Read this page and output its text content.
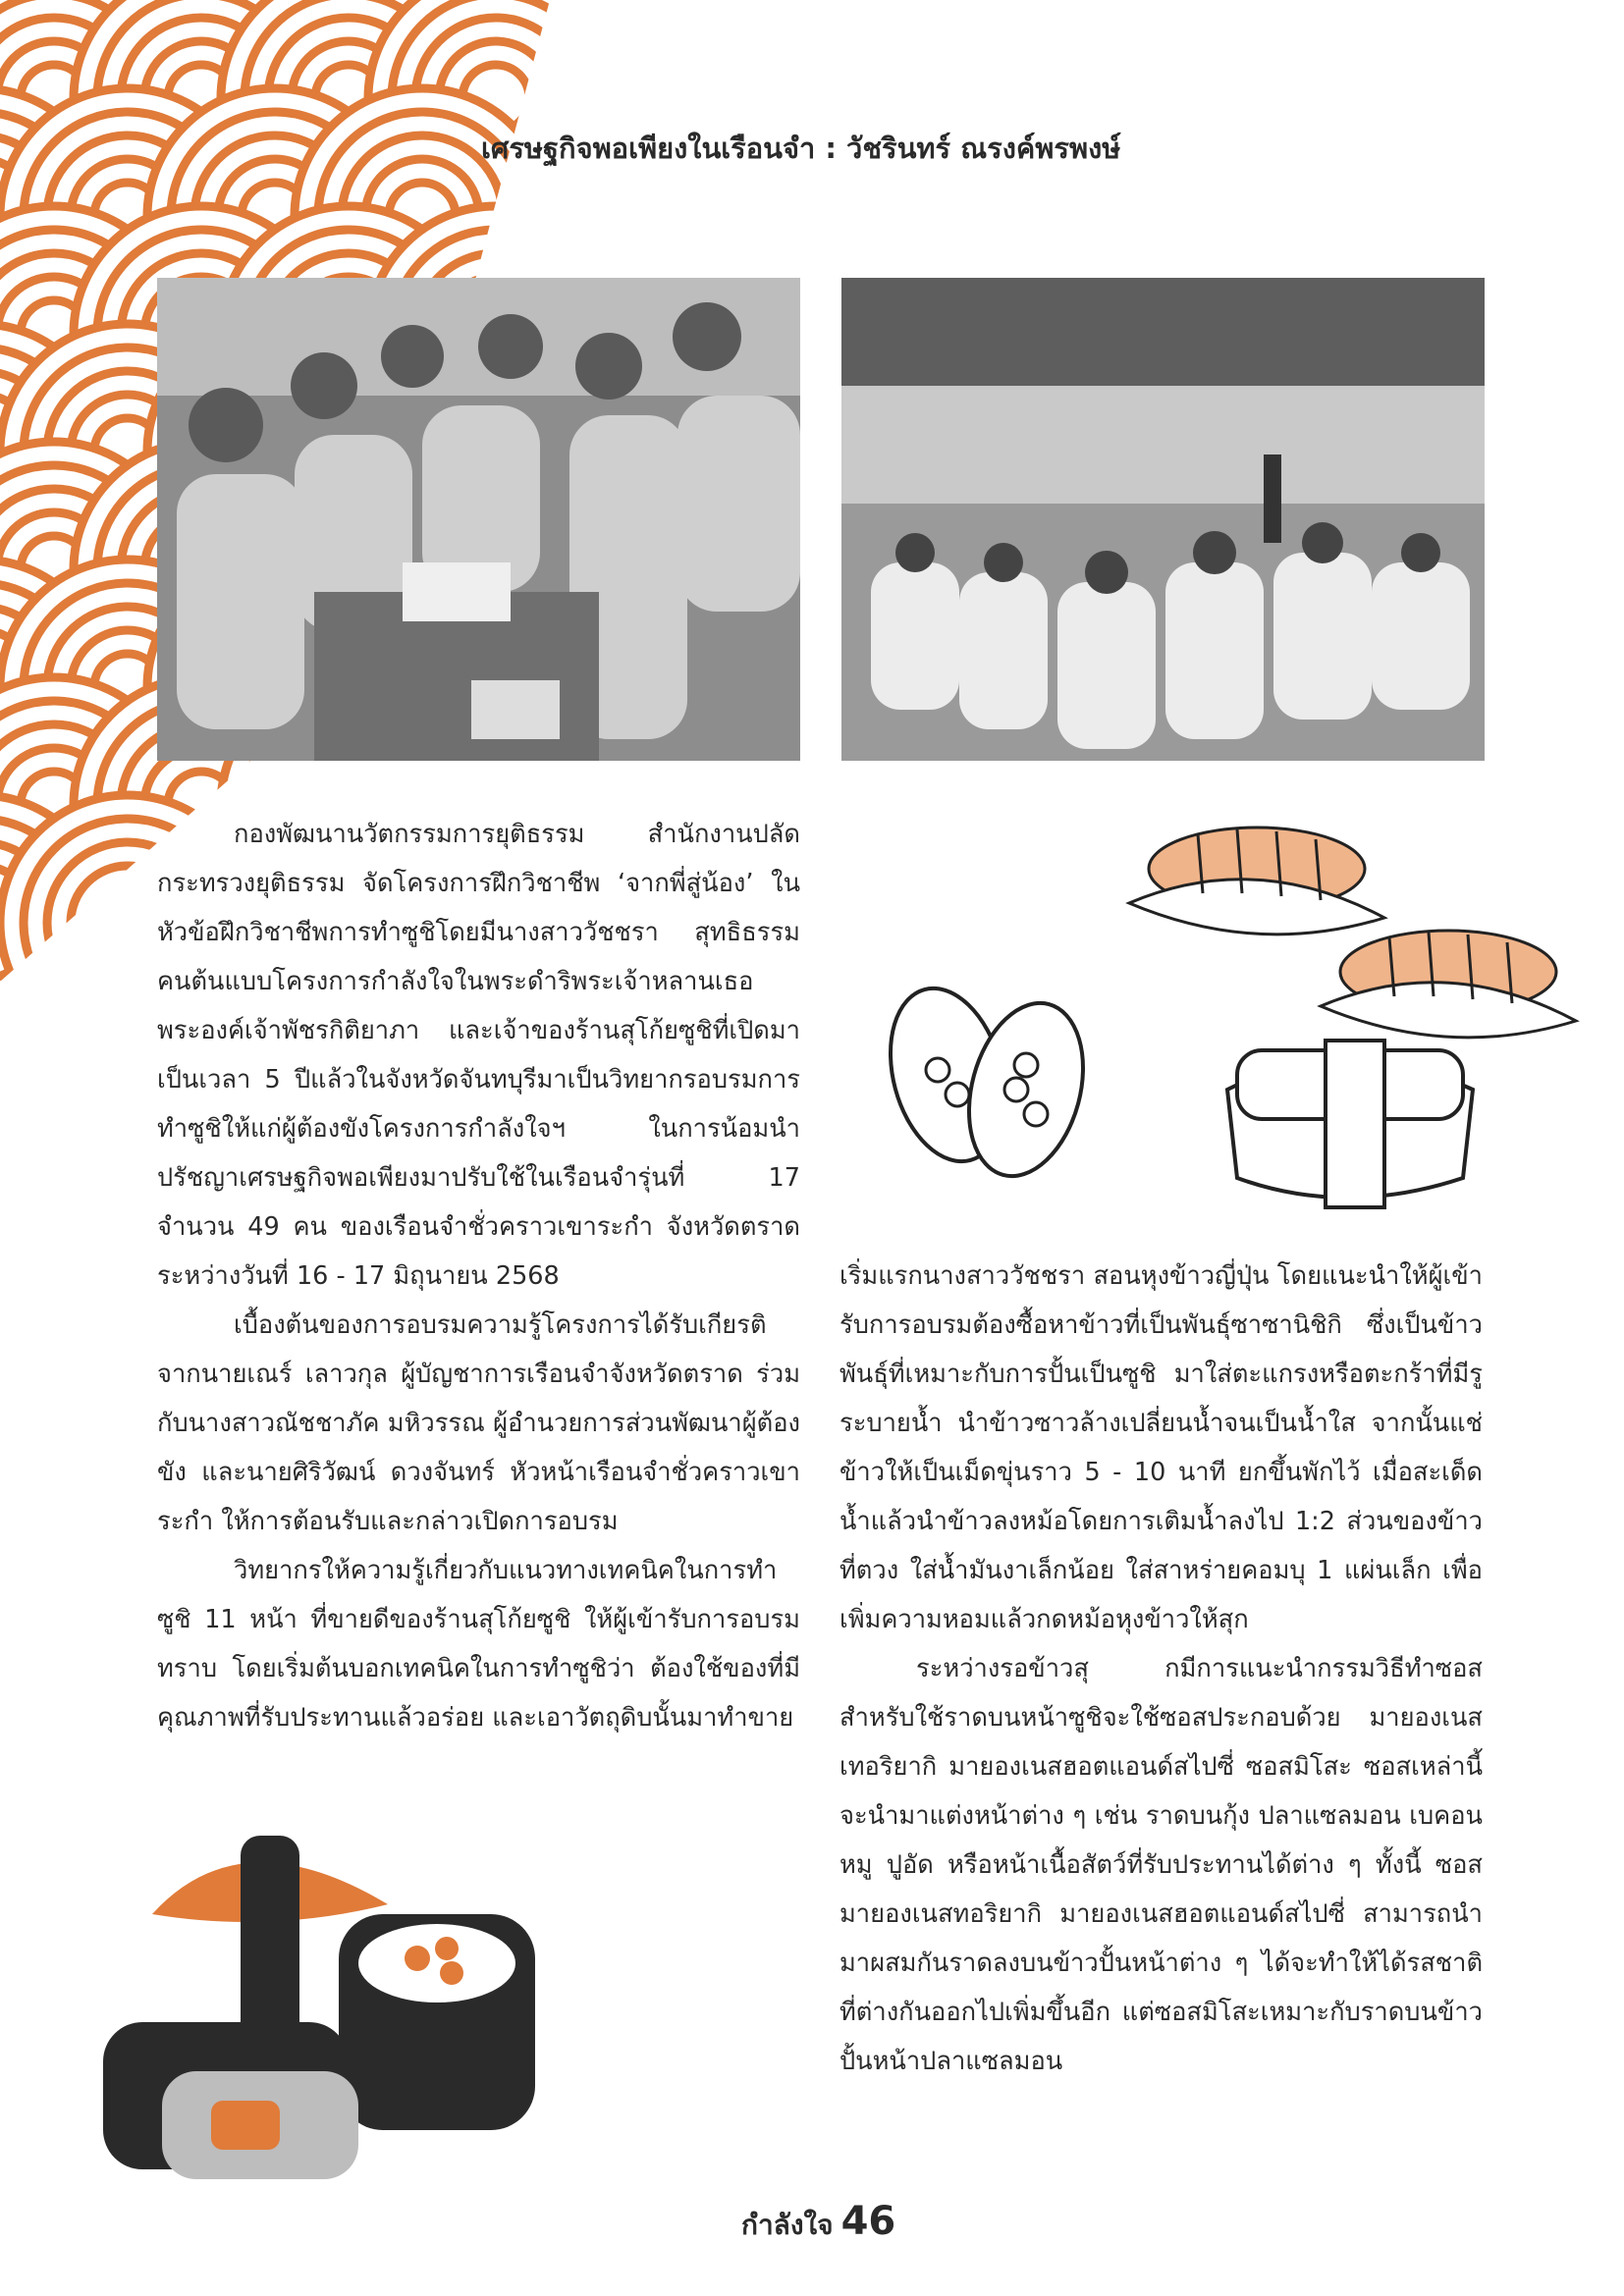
เศรษฐกิจพอเพียงในเรือนจำ : วัชรินทร์ ณรงค์พรพงษ์

กองพัฒนานวัตกรรมการยุติธรรม สำนักงานปลัดกระทรวงยุติธรรม จัดโครงการฝึกวิชาชีพ ‘จากพี่สู่น้อง’ ในหัวข้อฝึกวิชาชีพการทำซูชิโดยมีนางสาววัชชรา สุทธิธรรม คนต้นแบบโครงการกำลังใจในพระดำริพระเจ้าหลานเธอ พระองค์เจ้าพัชรกิติยาภา และเจ้าของร้านสุโก้ยซูชิที่เปิดมาเป็นเวลา 5 ปีแล้วในจังหวัดจันทบุรีมาเป็นวิทยากรอบรมการทำซูชิให้แก่ผู้ต้องขังโครงการกำลังใจฯ ในการน้อมนำปรัชญาเศรษฐกิจพอเพียงมาปรับใช้ในเรือนจำรุ่นที่ 17 จำนวน 49 คน ของเรือนจำชั่วคราวเขาระกำ จังหวัดตราด ระหว่างวันที่ 16 - 17 มิถุนายน 2568

เบื้องต้นของการอบรมความรู้โครงการได้รับเกียรติจากนายเณร์ เลาวกุล ผู้บัญชาการเรือนจำจังหวัดตราด ร่วมกับนางสาวณัชชาภัค มหิวรรณ ผู้อำนวยการส่วนพัฒนาผู้ต้องขัง และนายศิริวัฒน์ ดวงจันทร์ หัวหน้าเรือนจำชั่วคราวเขาระกำ ให้การต้อนรับและกล่าวเปิดการอบรม

วิทยากรให้ความรู้เกี่ยวกับแนวทางเทคนิคในการทำซูชิ 11 หน้า ที่ขายดีของร้านสุโก้ยซูชิ ให้ผู้เข้ารับการอบรมทราบ โดยเริ่มต้นบอกเทคนิคในการทำซูชิว่า ต้องใช้ของที่มีคุณภาพที่รับประทานแล้วอร่อย และเอาวัตถุดิบนั้นมาทำขาย

เริ่มแรกนางสาววัชชรา สอนหุงข้าวญี่ปุ่น โดยแนะนำให้ผู้เข้ารับการอบรมต้องซื้อหาข้าวที่เป็นพันธุ์ซาซานิชิกิ ซึ่งเป็นข้าวพันธุ์ที่เหมาะกับการปั้นเป็นซูชิ มาใส่ตะแกรงหรือตะกร้าที่มีรูระบายน้ำ นำข้าวซาวล้างเปลี่ยนน้ำจนเป็นน้ำใส จากนั้นแช่ข้าวให้เป็นเม็ดขุ่นราว 5 - 10 นาที ยกขึ้นพักไว้ เมื่อสะเด็ดน้ำแล้วนำข้าวลงหม้อโดยการเติมน้ำลงไป 1:2 ส่วนของข้าวที่ตวง ใส่น้ำมันงาเล็กน้อย ใส่สาหร่ายคอมบุ 1 แผ่นเล็ก เพื่อเพิ่มความหอมแล้วกดหม้อหุงข้าวให้สุก

ระหว่างรอข้าวสุ กมีการแนะนำกรรมวิธีทำซอสสำหรับใช้ราดบนหน้าซูชิจะใช้ซอสประกอบด้วย มายองเนสเทอริยากิ มายองเนสฮอตแอนด์สไปซี่ ซอสมิโสะ ซอสเหล่านี้จะนำมาแต่งหน้าต่าง ๆ เช่น ราดบนกุ้ง ปลาแซลมอน เบคอนหมู ปูอัด หรือหน้าเนื้อสัตว์ที่รับประทานได้ต่าง ๆ ทั้งนี้ ซอสมายองเนสทอริยากิ มายองเนสฮอตแอนด์สไปซี่ สามารถนำมาผสมกันราดลงบนข้าวปั้นหน้าต่าง ๆ ได้จะทำให้ได้รสชาติที่ต่างกันออกไปเพิ่มขึ้นอีก แต่ซอสมิโสะเหมาะกับราดบนข้าวปั้นหน้าปลาแซลมอน

กำลังใจ 46
